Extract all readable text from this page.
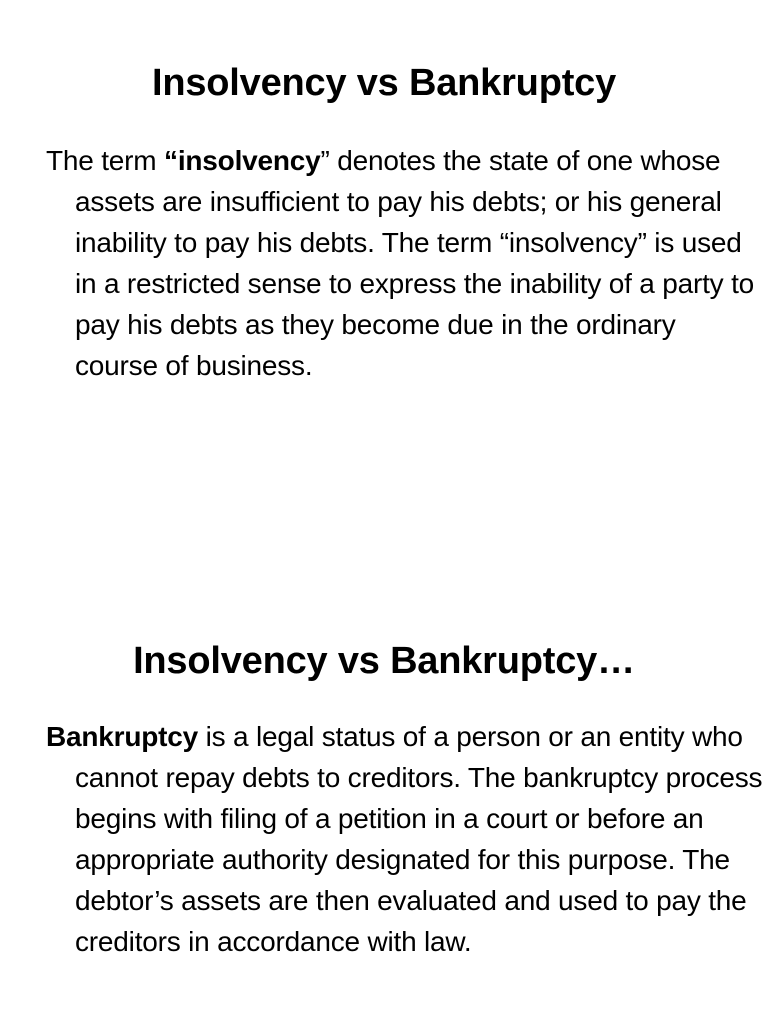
Insolvency vs Bankruptcy

The term “insolvency” denotes the state of one whose assets are insufficient to pay his debts; or his general inability to pay his debts. The term “insolvency” is used in a restricted sense to express the inability of a party to pay his debts as they become due in the ordinary course of business.

Insolvency vs Bankruptcy…

Bankruptcy is a legal status of a person or an entity who cannot repay debts to creditors. The bankruptcy process begins with filing of a petition in a court or before an appropriate authority designated for this purpose. The debtor’s assets are then evaluated and used to pay the creditors in accordance with law.
